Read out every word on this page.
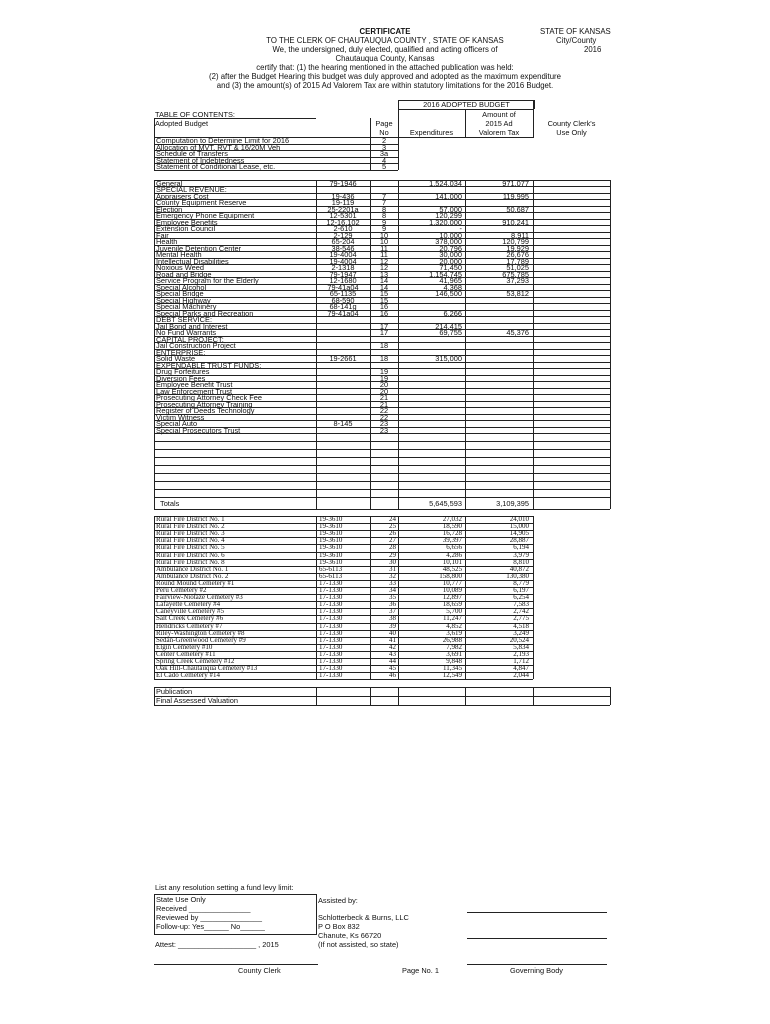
CERTIFICATE
TO THE CLERK OF CHAUTAUQUA COUNTY , STATE OF KANSAS
We, the undersigned, duly elected, qualified and acting officers of
Chautauqua County, Kansas
certify that: (1) the hearing mentioned in the attached publication was held:
(2) after the Budget Hearing this budget was duly approved and adopted as the maximum expenditure
and (3) the amount(s) of 2015 Ad Valorem Tax are within statutory limitations for the 2016 Budget.
STATE OF KANSAS
City/County
2016
2016 ADOPTED BUDGET
TABLE OF CONTENTS:
Adopted Budget	Page
No	Expenditures
Amount of
2015 Ad
Valorem Tax
County Clerk's
Use Only
Computation to Determine Limit for 2016	2
Allocation of MVT, RVT & 16/20M Veh	3
Schedule of Transfers	3a
Statement of Indebtedness	4
Statement of Conditional Lease, etc.	5
General	79-1946	1,524,034	971,077
SPECIAL REVENUE:
Appraisers Cost	19-436	7	141,000	119,995
County Equipment Reserve	19-119	7
Election	25-2201a	8	57,000	50,687
Emergency Phone Equipment	12-5301	8	120,299
Employee Benefits	12-16,102	9	1,320,000	910,241
Extension Council	2-610	9	-
Fair	2-129	10	10,000	8,911
Health	65-204	10	378,000	120,799
Juvenile Detention Center	38-546	11	20,796	19,929
Mental Health	19-4004	11	30,000	26,676
Intellectual Disabilities	19-4004	12	20,000	17,789
Noxious Weed	2-1318	12	71,450	51,025
Road and Bridge	79-1947	13	1,154,745	675,785
Service Program for the Elderly	12-1680	14	41,965	37,293
Special Alcohol	79-41a04	14	4,368
Special Bridge	65-1135	15	146,500	53,812
Special Highway	68-590	15
Special Machinery	68-141g	16
Special Parks and Recreation	79-41a04	16	6,266
DEBT SERVICE:
Jail Bond and Interest	17	214,415
No Fund Warrants	17	69,755	45,376
CAPITAL PROJECT:
Jail Construction Project	18
ENTERPRISE:
Solid Waste	19-2661	18	315,000
EXPENDABLE TRUST FUNDS:
Drug Forfeitures	19
Diversion Fees	19
Employee Benefit Trust	20
Law Enforcement Trust	20
Prosecuting Attorney Check Fee	21
Prosecuting Attorney Training	21
Register of Deeds Technology	22
Victim Witness	22
Special Auto	8-145	23
Special Prosecutors Trust	23
Totals	5,645,593	3,109,395
Rural Fire District No. 1	19-3610	24	27,032	24,010
Rural Fire District No. 2	19-3610	25	18,590	15,000
Rural Fire District No. 3	19-3610	26	16,728	14,905
Rural Fire District No. 4	19-3610	27	39,397	28,887
Rural Fire District No. 5	19-3610	28	6,656	6,194
Rural Fire District No. 6	19-3610	29	4,286	3,979
Rural Fire District No. 8	19-3610	30	10,101	8,810
Ambulance District No. 1	65-6113	31	48,525	40,872
Ambulance District No. 2	65-6113	32	158,800	130,380
Round Mound Cemetery #1	17-1330	33	10,777	8,779
Peru Cemetery #2	17-1330	34	10,089	6,197
Fairview-Niotaze Cemetery #3	17-1330	35	12,897	6,254
Lafayette Cemetery #4	17-1330	36	18,659	7,583
Caneyville Cemetery #5	17-1330	37	5,700	2,742
Salt Creek Cemetery #6	17-1330	38	11,247	2,775
Hendricks Cemetery #7	17-1330	39	4,852	4,518
Riley-Washington Cemetery #8	17-1330	40	3,619	3,249
Sedan-Greenwood Cemetery #9	17-1330	41	26,988	20,524
Elgin Cemetery #10	17-1330	42	7,982	5,834
Center Cemetery #11	17-1330	43	3,691	2,193
Spring Creek Cemetery #12	17-1330	44	9,848	1,712
Oak Hill-Chautauqua Cemetery #13	17-1330	45	11,345	4,847
El Cado Cemetery #14	17-1330	46	12,549	2,044
Publication
Final Assessed Valuation
List any resolution setting a fund levy limit:
State Use Only
Received _______________
Reviewed by _______________
Follow-up: Yes______ No______
Assisted by:
Schlotterbeck & Burns, LLC
P O Box 832
Chanute, Ks 66720
(If not assisted, so state)
Attest: ___________________ , 2015
County Clerk	Page No. 1	Governing Body
